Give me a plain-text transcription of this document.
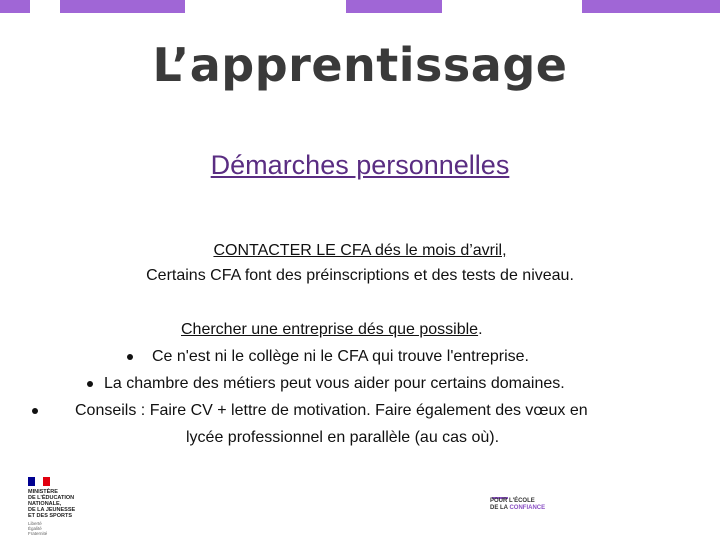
L’apprentissage
Démarches personnelles
CONTACTER LE CFA dés le mois d’avril,
Certains CFA font des préinscriptions et des tests de niveau.
Chercher une entreprise dés que possible.
Ce n'est ni le collège ni le CFA qui trouve l'entreprise.
La chambre des métiers peut vous aider pour certains domaines.
Conseils : Faire CV + lettre de motivation. Faire également des vœux en
lycée professionnel en parallèle (au cas où).
MINISTÈRE
DE L'ÉDUCATION
NATIONALE,
DE LA JEUNESSE
ET DES SPORTS
Liberté
Égalité
Fraternité
POUR L'ÉCOLE
DE LA CONFIANCE
